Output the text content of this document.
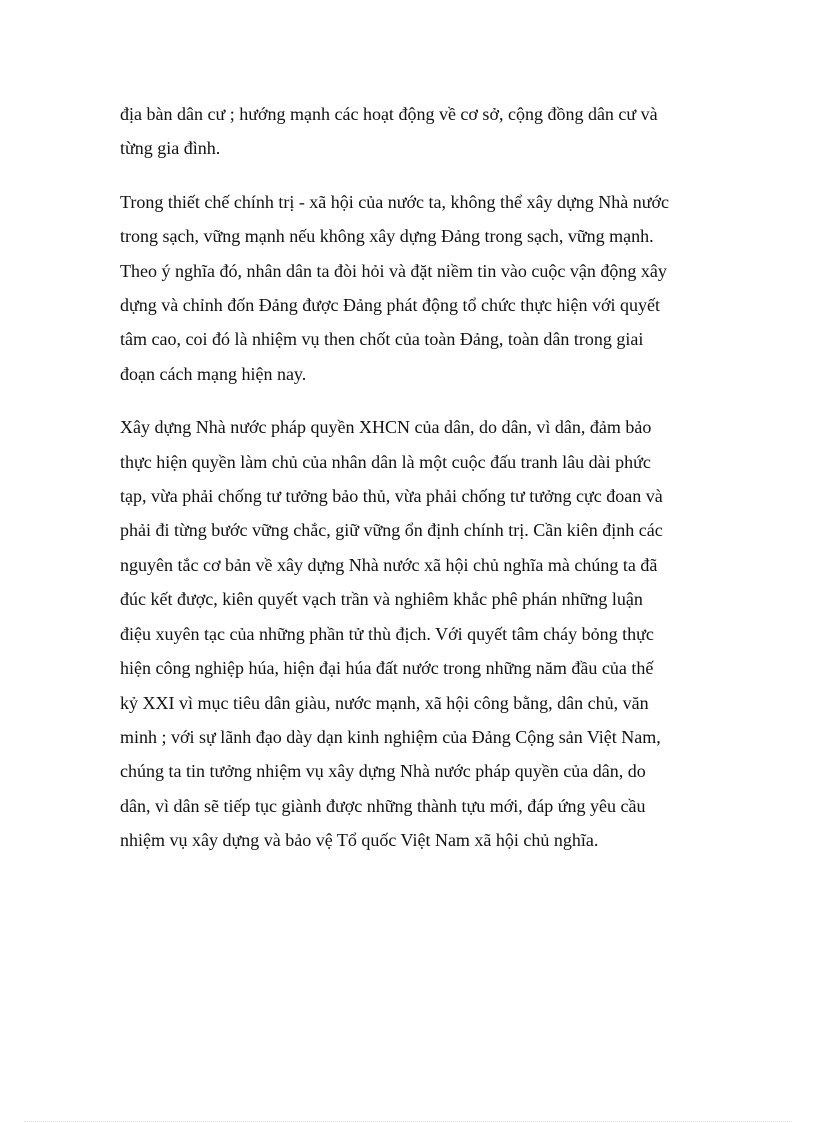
địa bàn dân cư ; hướng mạnh các hoạt động về cơ sở, cộng đồng dân cư và
từng gia đình.

Trong thiết chế chính trị - xã hội của nước ta, không thể xây dựng Nhà nước
trong sạch, vững mạnh nếu không xây dựng Đảng trong sạch, vững mạnh.
Theo ý nghĩa đó, nhân dân ta đòi hỏi và đặt niềm tin vào cuộc vận động xây
dựng và chỉnh đốn Đảng được Đảng phát động tổ chức thực hiện với quyết
tâm cao, coi đó là nhiệm vụ then chốt của toàn Đảng, toàn dân trong giai
đoạn cách mạng hiện nay.

Xây dựng Nhà nước pháp quyền XHCN của dân, do dân, vì dân, đảm bảo
thực hiện quyền làm chủ của nhân dân là một cuộc đấu tranh lâu dài phức
tạp, vừa phải chống tư tưởng bảo thủ, vừa phải chống tư tưởng cực đoan và
phải đi từng bước vững chắc, giữ vững ổn định chính trị. Cần kiên định các
nguyên tắc cơ bản về xây dựng Nhà nước xã hội chủ nghĩa mà chúng ta đã
đúc kết được, kiên quyết vạch trần và nghiêm khắc phê phán những luận
điệu xuyên tạc của những phần tử thù địch. Với quyết tâm cháy bỏng thực
hiện công nghiệp húa, hiện đại húa đất nước trong những năm đầu của thế
kỷ XXI vì mục tiêu dân giàu, nước mạnh, xã hội công bằng, dân chủ, văn
minh ; với sự lãnh đạo dày dạn kinh nghiệm của Đảng Cộng sản Việt Nam,
chúng ta tin tưởng nhiệm vụ xây dựng Nhà nước pháp quyền của dân, do
dân, vì dân sẽ tiếp tục giành được những thành tựu mới, đáp ứng yêu cầu
nhiệm vụ xây dựng và bảo vệ Tổ quốc Việt Nam xã hội chủ nghĩa.
